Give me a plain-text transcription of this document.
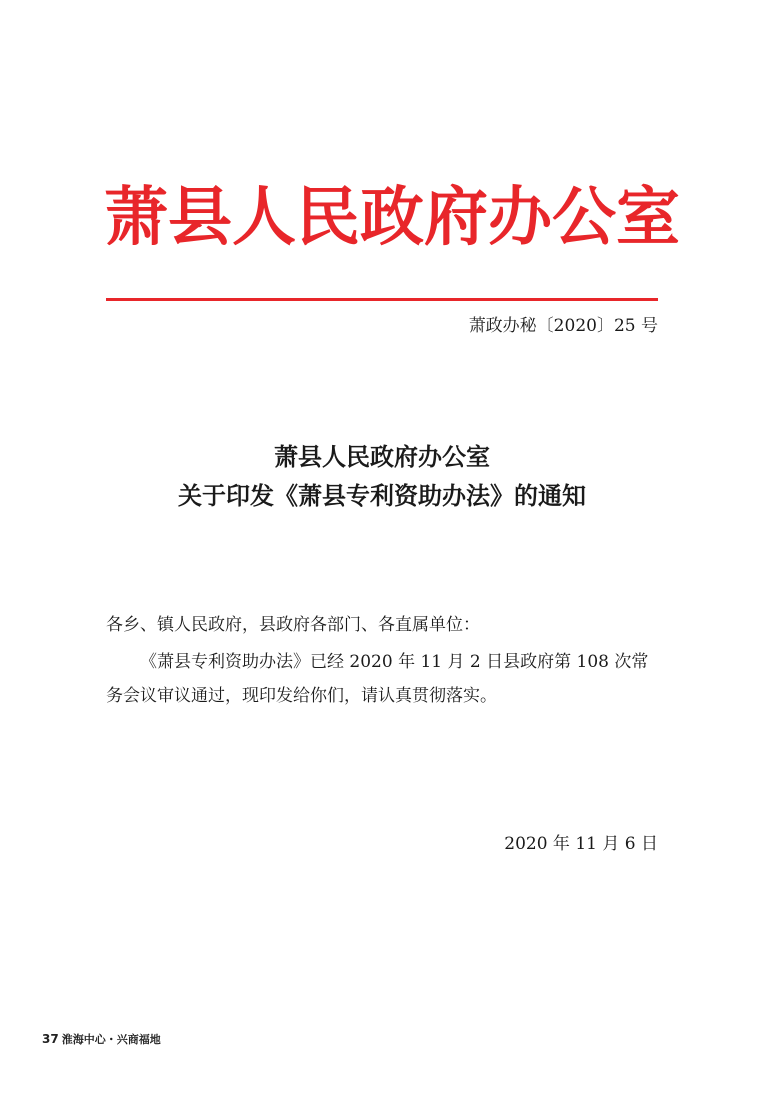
萧县人民政府办公室
萧政办秘〔2020〕25 号
萧县人民政府办公室
关于印发《萧县专利资助办法》的通知
各乡、镇人民政府，县政府各部门、各直属单位：
《萧县专利资助办法》已经 2020 年 11 月 2 日县政府第 108 次常
务会议审议通过，现印发给你们，请认真贯彻落实。
2020 年 11 月 6 日
37 淮海中心・兴商福地
